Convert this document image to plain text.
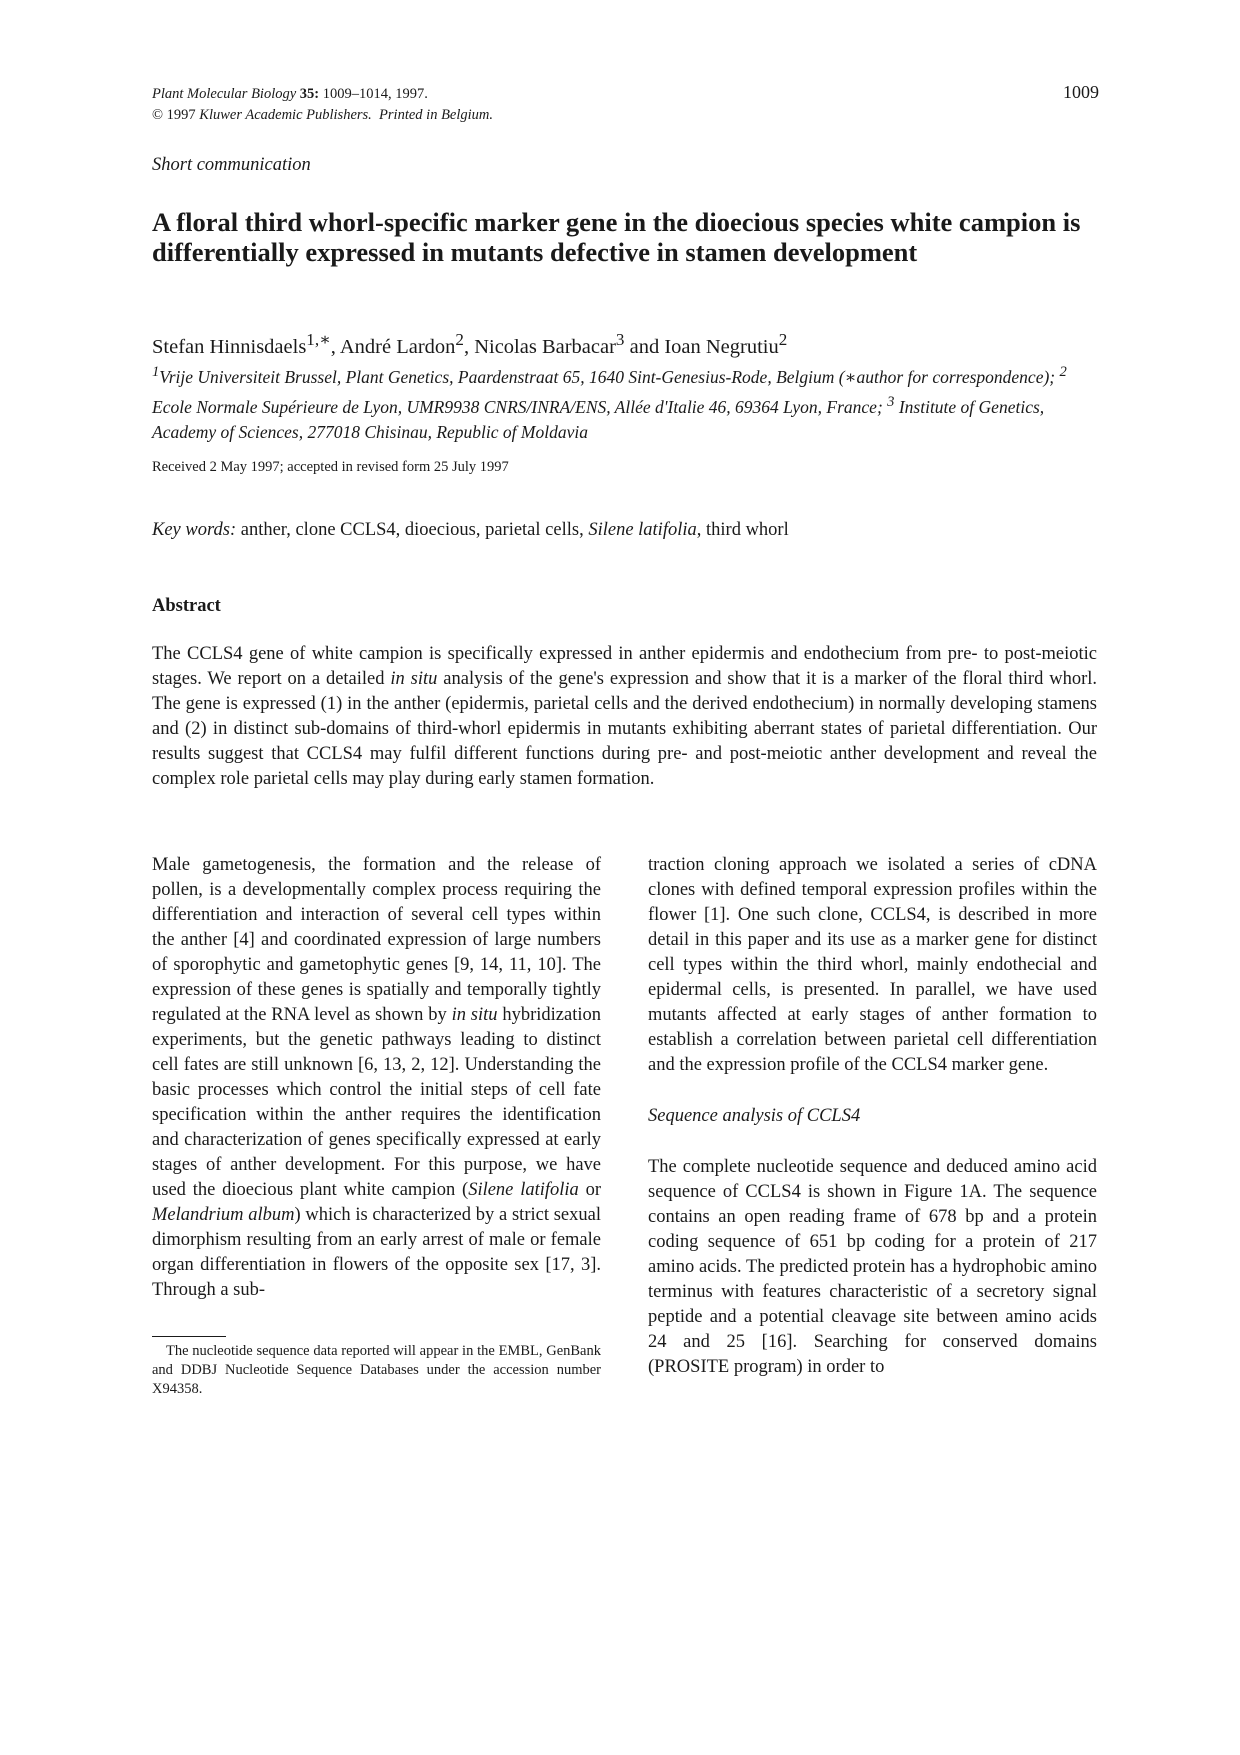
Plant Molecular Biology 35: 1009–1014, 1997.
© 1997 Kluwer Academic Publishers. Printed in Belgium.
1009
Short communication
A floral third whorl-specific marker gene in the dioecious species white campion is differentially expressed in mutants defective in stamen development
Stefan Hinnisdaels$^{1,∗}$, André Lardon$^2$, Nicolas Barbacar$^3$ and Ioan Negrutiu$^2$
$^1$Vrije Universiteit Brussel, Plant Genetics, Paardenstraat 65, 1640 Sint-Genesius-Rode, Belgium (∗author for correspondence); $^2$ Ecole Normale Supérieure de Lyon, UMR9938 CNRS/INRA/ENS, Allée d'Italie 46, 69364 Lyon, France; $^3$ Institute of Genetics, Academy of Sciences, 277018 Chisinau, Republic of Moldavia
Received 2 May 1997; accepted in revised form 25 July 1997
Key words: anther, clone CCLS4, dioecious, parietal cells, Silene latifolia, third whorl
Abstract

The CCLS4 gene of white campion is specifically expressed in anther epidermis and endothecium from pre- to post-meiotic stages. We report on a detailed in situ analysis of the gene's expression and show that it is a marker of the floral third whorl. The gene is expressed (1) in the anther (epidermis, parietal cells and the derived endothecium) in normally developing stamens and (2) in distinct sub-domains of third-whorl epidermis in mutants exhibiting aberrant states of parietal differentiation. Our results suggest that CCLS4 may fulfil different functions during pre- and post-meiotic anther development and reveal the complex role parietal cells may play during early stamen formation.

Male gametogenesis, the formation and the release of pollen, is a developmentally complex process requiring the differentiation and interaction of several cell types within the anther [4] and coordinated expression of large numbers of sporophytic and gametophytic genes [9, 14, 11, 10]. The expression of these genes is spatially and temporally tightly regulated at the RNA level as shown by in situ hybridization experiments, but the genetic pathways leading to distinct cell fates are still unknown [6, 13, 2, 12]. Understanding the basic processes which control the initial steps of cell fate specification within the anther requires the identification and characterization of genes specifically expressed at early stages of anther development. For this purpose, we have used the dioecious plant white campion (Silene latifolia or Melandrium album) which is characterized by a strict sexual dimorphism resulting from an early arrest of male or female organ differentiation in flowers of the opposite sex [17, 3]. Through a sub-

The nucleotide sequence data reported will appear in the EMBL, GenBank and DDBJ Nucleotide Sequence Databases under the accession number X94358.

traction cloning approach we isolated a series of cDNA clones with defined temporal expression profiles within the flower [1]. One such clone, CCLS4, is described in more detail in this paper and its use as a marker gene for distinct cell types within the third whorl, mainly endothecial and epidermal cells, is presented. In parallel, we have used mutants affected at early stages of anther formation to establish a correlation between parietal cell differentiation and the expression profile of the CCLS4 marker gene.

Sequence analysis of CCLS4

The complete nucleotide sequence and deduced amino acid sequence of CCLS4 is shown in Figure 1A. The sequence contains an open reading frame of 678 bp and a protein coding sequence of 651 bp coding for a protein of 217 amino acids. The predicted protein has a hydrophobic amino terminus with features characteristic of a secretory signal peptide and a potential cleavage site between amino acids 24 and 25 [16]. Searching for conserved domains (PROSITE program) in order to
